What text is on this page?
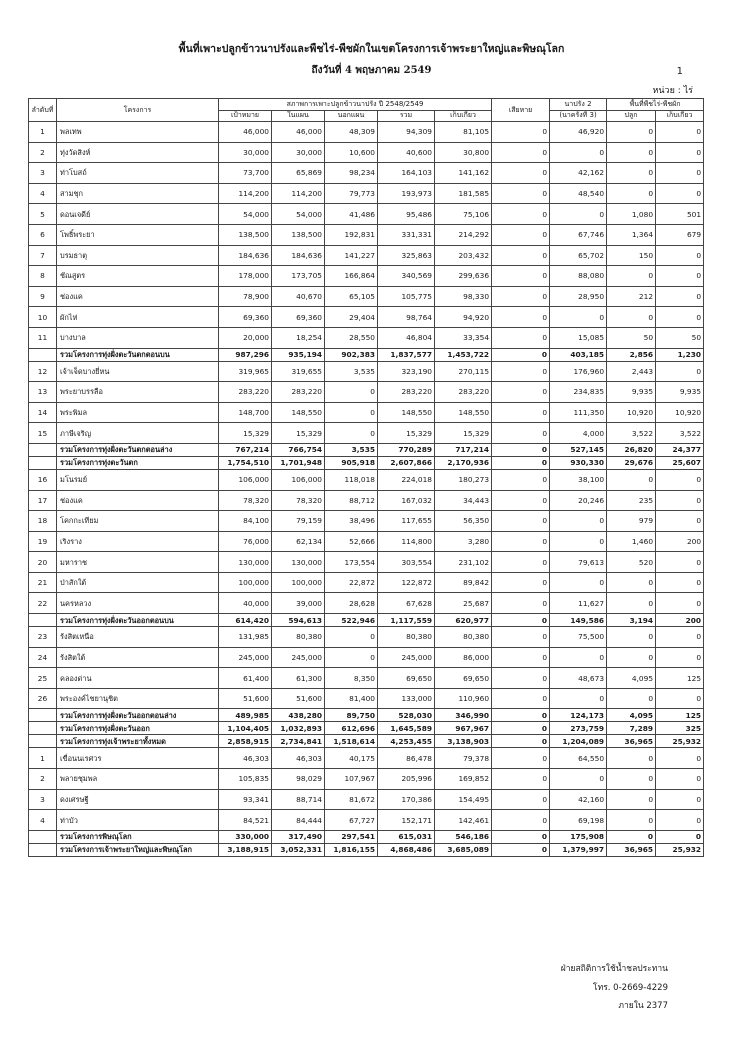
พื้นที่เพาะปลูกข้าวนาปรังและพืชไร่-พืชผักในเขตโครงการเจ้าพระยาใหญ่และพิษณุโลก
ถึงวันที่ 4 พฤษภาคม 2549	1
หน่วย : ไร่
ลำดับที่	โครงการ	สภาพการเพาะปลูกข้าวนาปรัง ปี 2548/2549					เสียหาย	นาปรัง 2	พื้นที่พืชไร่-พืชผัก	
		เป้าหมาย	ในแผน	นอกแผน	รวม	เก็บเกี่ยว		(นาครั้งที่ 3)	ปลูก	เก็บเกี่ยว
1	พลเทพ	46,000	46,000	48,309	94,309	81,105	0	46,920	0	0
2	ทุ่งวัดสิงห์	30,000	30,000	10,600	40,600	30,800	0	0	0	0
3	ท่าโบสถ์	73,700	65,869	98,234	164,103	141,162	0	42,162	0	0
4	สามชุก	114,200	114,200	79,773	193,973	181,585	0	48,540	0	0
5	ดอนเจดีย์	54,000	54,000	41,486	95,486	75,106	0	0	1,080	501
6	โพธิ์พระยา	138,500	138,500	192,831	331,331	214,292	0	67,746	1,364	679
7	บรมธาตุ	184,636	184,636	141,227	325,863	203,432	0	65,702	150	0
8	ชัณสูตร	178,000	173,705	166,864	340,569	299,636	0	88,080	0	0
9	ช่องแค	78,900	40,670	65,105	105,775	98,330	0	28,950	212	0
10	ผักไห่	69,360	69,360	29,404	98,764	94,920	0	0	0	0
11	บางบาล	20,000	18,254	28,550	46,804	33,354	0	15,085	50	50
	รวมโครงการทุ่งฝั่งตะวันตกตอนบน	987,296	935,194	902,383	1,837,577	1,453,722	0	403,185	2,856	1,230
12	เจ้าเจ็ดบางยี่หน	319,965	319,655	3,535	323,190	270,115	0	176,960	2,443	0
13	พระยาบรรลือ	283,220	283,220	0	283,220	283,220	0	234,835	9,935	9,935
14	พระพิมล	148,700	148,550	0	148,550	148,550	0	111,350	10,920	10,920
15	ภาษีเจริญ	15,329	15,329	0	15,329	15,329	0	4,000	3,522	3,522
	รวมโครงการทุ่งฝั่งตะวันตกตอนล่าง	767,214	766,754	3,535	770,289	717,214	0	527,145	26,820	24,377
	รวมโครงการทุ่งตะวันตก	1,754,510	1,701,948	905,918	2,607,866	2,170,936	0	930,330	29,676	25,607
16	มโนรมย์	106,000	106,000	118,018	224,018	180,273	0	38,100	0	0
17	ช่องแค	78,320	78,320	88,712	167,032	34,443	0	20,246	235	0
18	โคกกะเทียม	84,100	79,159	38,496	117,655	56,350	0	0	979	0
19	เริงราง	76,000	62,134	52,666	114,800	3,280	0	0	1,460	200
20	มหาราช	130,000	130,000	173,554	303,554	231,102	0	79,613	520	0
21	ป่าสักใต้	100,000	100,000	22,872	122,872	89,842	0	0	0	0
22	นครหลวง	40,000	39,000	28,628	67,628	25,687	0	11,627	0	0
	รวมโครงการทุ่งฝั่งตะวันออกตอนบน	614,420	594,613	522,946	1,117,559	620,977	0	149,586	3,194	200
23	รังสิตเหนือ	131,985	80,380	0	80,380	80,380	0	75,500	0	0
24	รังสิตใต้	245,000	245,000	0	245,000	86,000	0	0	0	0
25	คลองด่าน	61,400	61,300	8,350	69,650	69,650	0	48,673	4,095	125
26	พระองค์ไชยานุชิต	51,600	51,600	81,400	133,000	110,960	0	0	0	0
	รวมโครงการทุ่งฝั่งตะวันออกตอนล่าง	489,985	438,280	89,750	528,030	346,990	0	124,173	4,095	125
	รวมโครงการทุ่งฝั่งตะวันออก	1,104,405	1,032,893	612,696	1,645,589	967,967	0	273,759	7,289	325
	รวมโครงการทุ่งเจ้าพระยาทั้งหมด	2,858,915	2,734,841	1,518,614	4,253,455	3,138,903	0	1,204,089	36,965	25,932
1	เขื่อนนเรศวร	46,303	46,303	40,175	86,478	79,378	0	64,550	0	0
2	พลายชุมพล	105,835	98,029	107,967	205,996	169,852	0	0	0	0
3	ดงเศรษฐี	93,341	88,714	81,672	170,386	154,495	0	42,160	0	0
4	ท่าบัว	84,521	84,444	67,727	152,171	142,461	0	69,198	0	0
	รวมโครงการพิษณุโลก	330,000	317,490	297,541	615,031	546,186	0	175,908	0	0
	รวมโครงการเจ้าพระยาใหญ่และพิษณุโลก	3,188,915	3,052,331	1,816,155	4,868,486	3,685,089	0	1,379,997	36,965	25,932
ฝ่ายสถิติการใช้น้ำชลประทาน
โทร. 0-2669-4229
ภายใน 2377
